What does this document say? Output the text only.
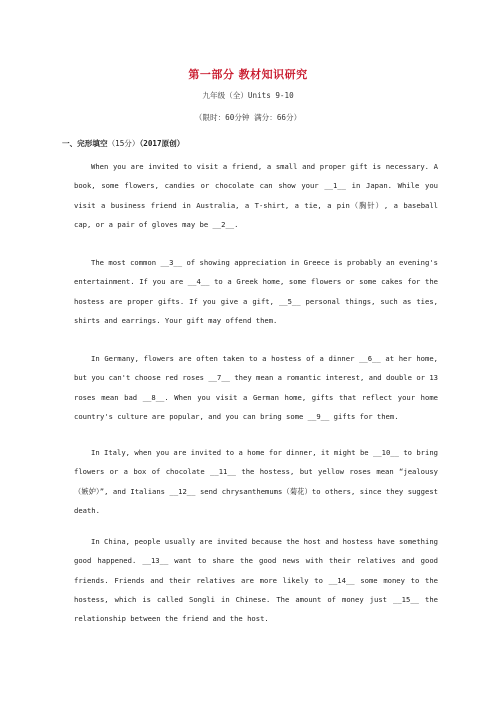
第一部分 教材知识研究
九年级（全）Units 9-10
（限时：60分钟 满分：66分）
一、完形填空（15分）（2017原创）

When you are invited to visit a friend, a small and proper gift is necessary. A book, some flowers, candies or chocolate can show your __1__ in Japan. While you visit a business friend in Australia, a T-shirt, a tie, a pin（胸针）, a baseball cap, or a pair of gloves may be __2__.

The most common __3__ of showing appreciation in Greece is probably an evening's entertainment. If you are __4__ to a Greek home, some flowers or some cakes for the hostess are proper gifts. If you give a gift, __5__ personal things, such as ties, shirts and earrings. Your gift may offend them.

In Germany, flowers are often taken to a hostess of a dinner __6__ at her home, but you can't choose red roses __7__ they mean a romantic interest, and double or 13 roses mean bad __8__. When you visit a German home, gifts that reflect your home country's culture are popular, and you can bring some __9__ gifts for them.

In Italy, when you are invited to a home for dinner, it might be __10__ to bring flowers or a box of chocolate __11__ the hostess, but yellow roses mean “jealousy（嫉妒）”, and Italians __12__ send chrysanthemums（菊花）to others, since they suggest death.

In China, people usually are invited because the host and hostess have something good happened. __13__ want to share the good news with their relatives and good friends. Friends and their relatives are more likely to __14__ some money to the hostess, which is called Songli in Chinese. The amount of money just __15__ the relationship between the friend and the host.
